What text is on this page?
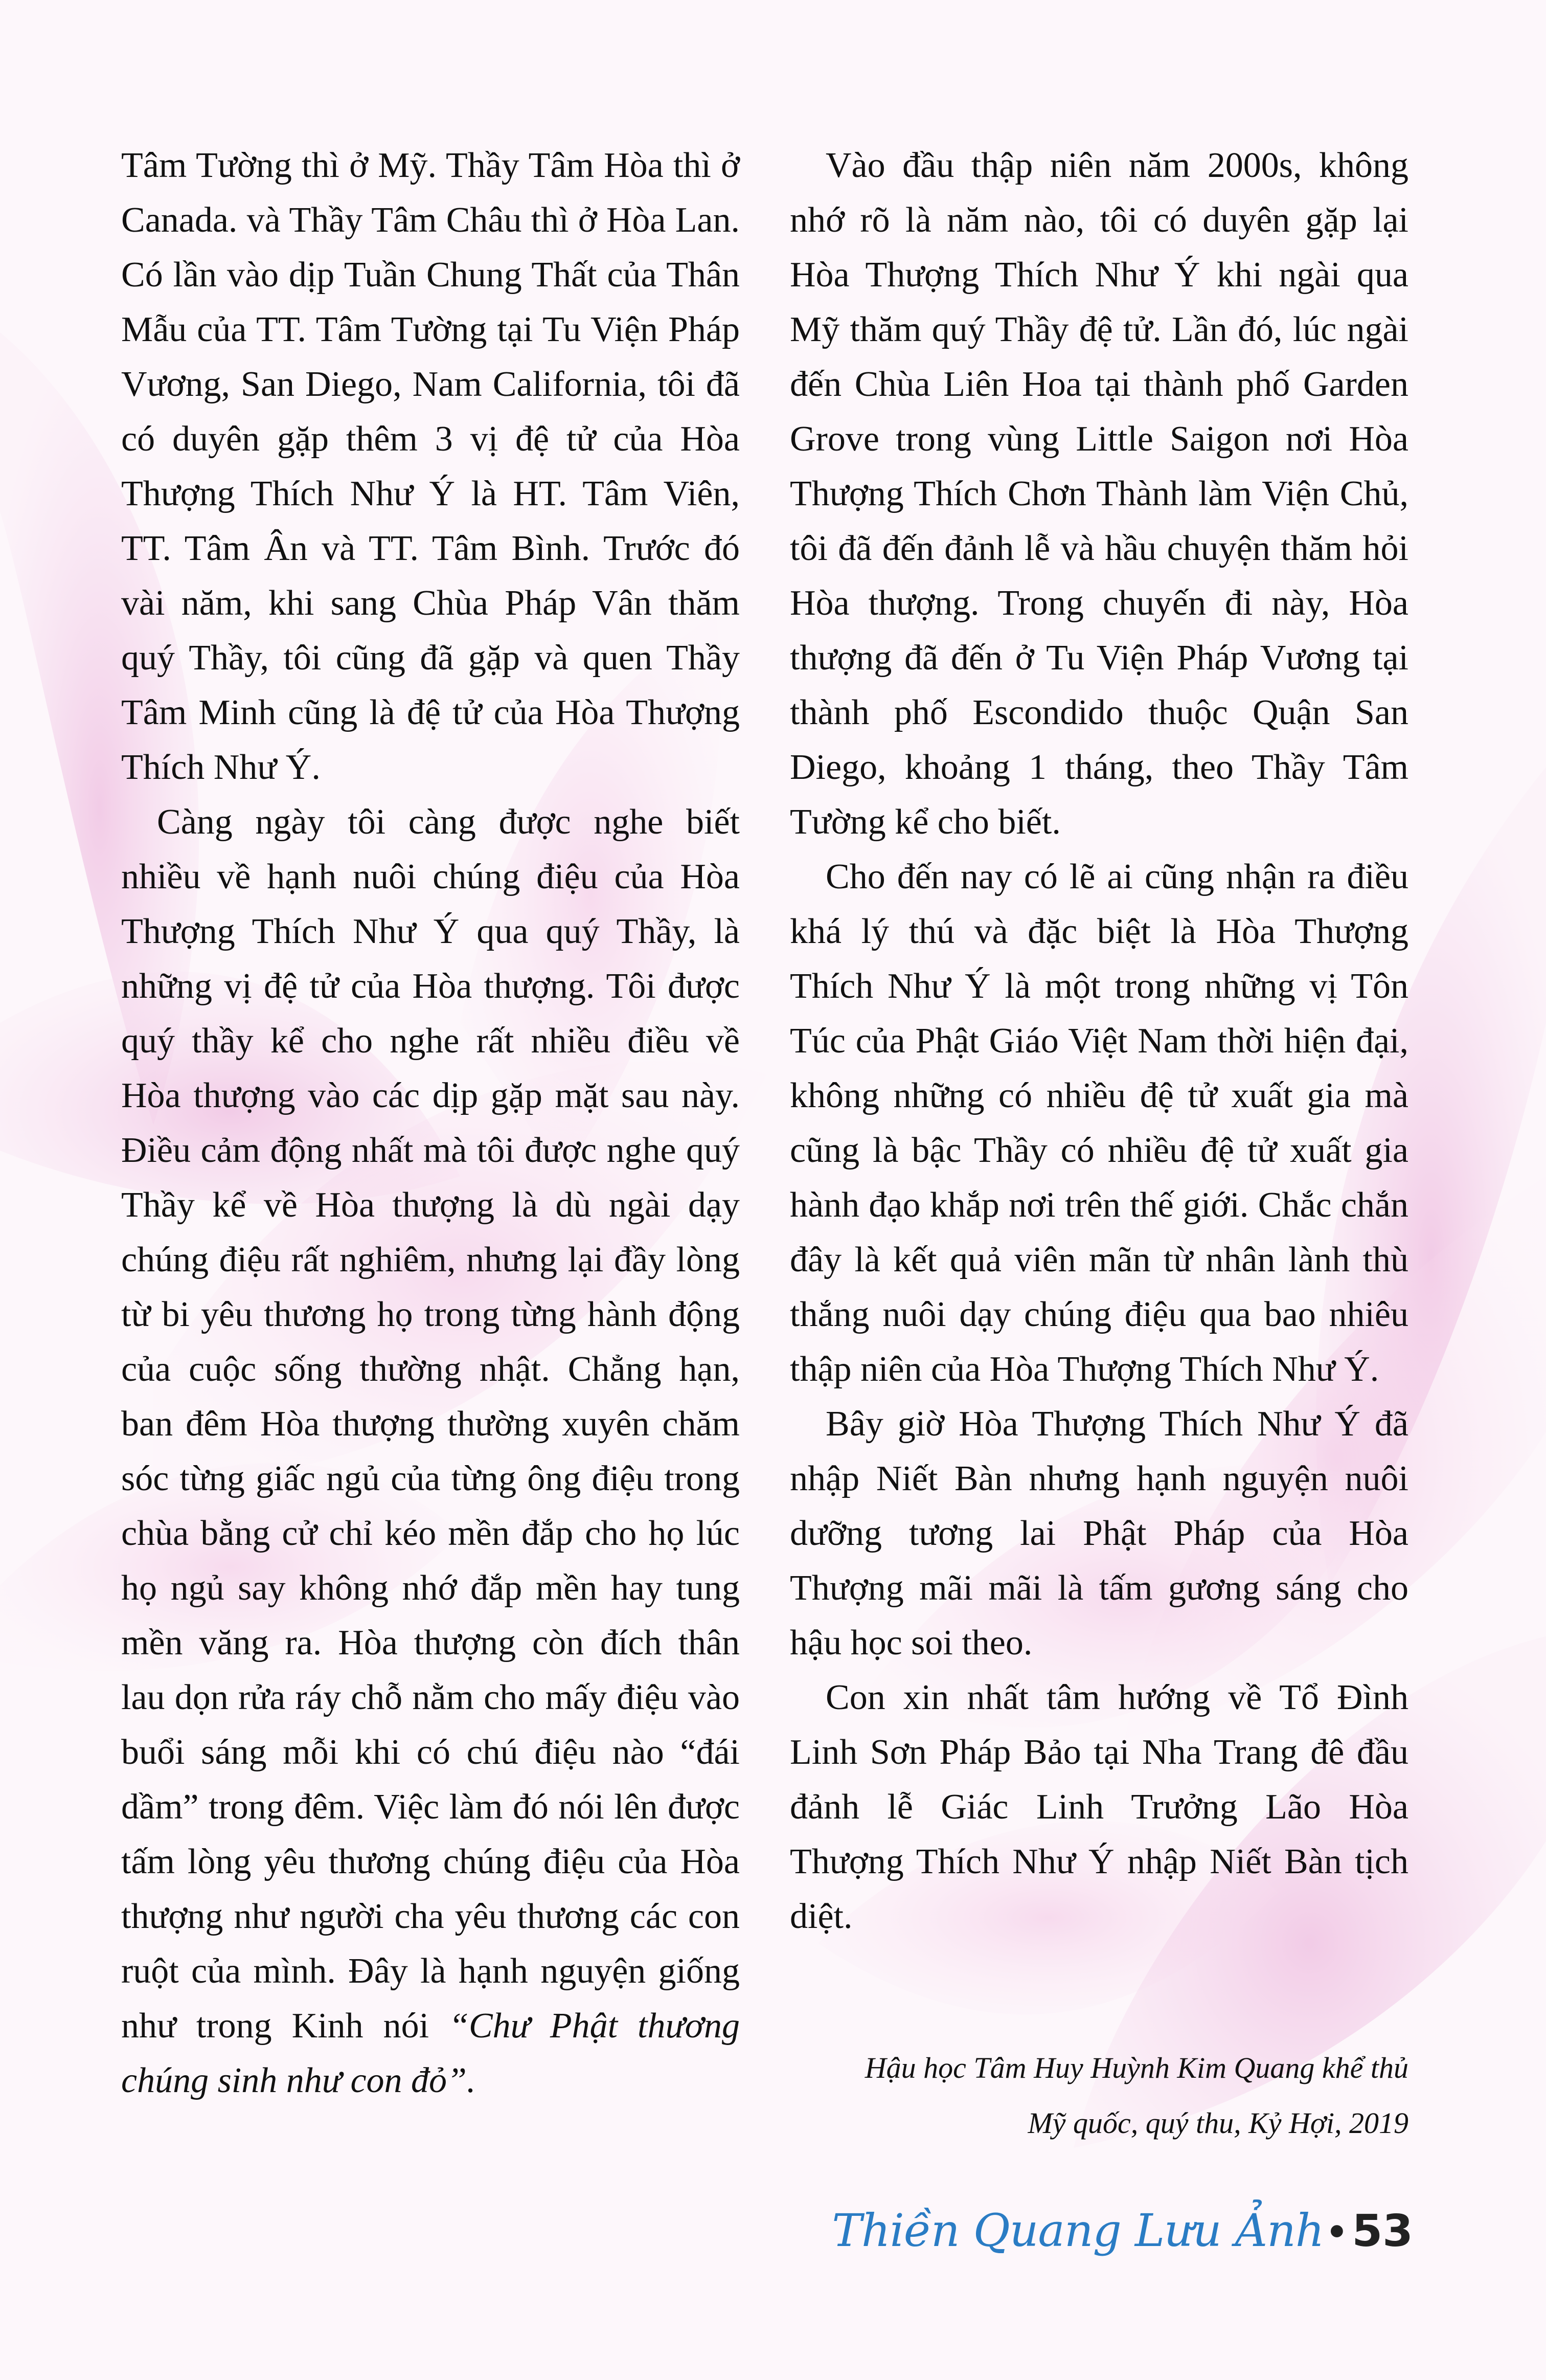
Tâm Tường thì ở Mỹ. Thầy Tâm Hòa thì ở Canada. và Thầy Tâm Châu thì ở Hòa Lan. Có lần vào dịp Tuần Chung Thất của Thân Mẫu của TT. Tâm Tường tại Tu Viện Pháp Vương, San Diego, Nam California, tôi đã có duyên gặp thêm 3 vị đệ tử của Hòa Thượng Thích Như Ý là HT. Tâm Viên, TT. Tâm Ân và TT. Tâm Bình. Trước đó vài năm, khi sang Chùa Pháp Vân thăm quý Thầy, tôi cũng đã gặp và quen Thầy Tâm Minh cũng là đệ tử của Hòa Thượng Thích Như Ý.

Càng ngày tôi càng được nghe biết nhiều về hạnh nuôi chúng điệu của Hòa Thượng Thích Như Ý qua quý Thầy, là những vị đệ tử của Hòa thượng. Tôi được quý thầy kể cho nghe rất nhiều điều về Hòa thượng vào các dịp gặp mặt sau này. Điều cảm động nhất mà tôi được nghe quý Thầy kể về Hòa thượng là dù ngài dạy chúng điệu rất nghiêm, nhưng lại đầy lòng từ bi yêu thương họ trong từng hành động của cuộc sống thường nhật. Chẳng hạn, ban đêm Hòa thượng thường xuyên chăm sóc từng giấc ngủ của từng ông điệu trong chùa bằng cử chỉ kéo mền đắp cho họ lúc họ ngủ say không nhớ đắp mền hay tung mền văng ra. Hòa thượng còn đích thân lau dọn rửa ráy chỗ nằm cho mấy điệu vào buổi sáng mỗi khi có chú điệu nào “đái dầm” trong đêm. Việc làm đó nói lên được tấm lòng yêu thương chúng điệu của Hòa thượng như người cha yêu thương các con ruột của mình. Đây là hạnh nguyện giống như trong Kinh nói “Chư Phật thương chúng sinh như con đỏ”.

Vào đầu thập niên năm 2000s, không nhớ rõ là năm nào, tôi có duyên gặp lại Hòa Thượng Thích Như Ý khi ngài qua Mỹ thăm quý Thầy đệ tử. Lần đó, lúc ngài đến Chùa Liên Hoa tại thành phố Garden Grove trong vùng Little Saigon nơi Hòa Thượng Thích Chơn Thành làm Viện Chủ, tôi đã đến đảnh lễ và hầu chuyện thăm hỏi Hòa thượng. Trong chuyến đi này, Hòa thượng đã đến ở Tu Viện Pháp Vương tại thành phố Escondido thuộc Quận San Diego, khoảng 1 tháng, theo Thầy Tâm Tường kể cho biết.

Cho đến nay có lẽ ai cũng nhận ra điều khá lý thú và đặc biệt là Hòa Thượng Thích Như Ý là một trong những vị Tôn Túc của Phật Giáo Việt Nam thời hiện đại, không những có nhiều đệ tử xuất gia mà cũng là bậc Thầy có nhiều đệ tử xuất gia hành đạo khắp nơi trên thế giới. Chắc chắn đây là kết quả viên mãn từ nhân lành thù thắng nuôi dạy chúng điệu qua bao nhiêu thập niên của Hòa Thượng Thích Như Ý.

Bây giờ Hòa Thượng Thích Như Ý đã nhập Niết Bàn nhưng hạnh nguyện nuôi dưỡng tương lai Phật Pháp của Hòa Thượng mãi mãi là tấm gương sáng cho hậu học soi theo.

Con xin nhất tâm hướng về Tổ Đình Linh Sơn Pháp Bảo tại Nha Trang đê đầu đảnh lễ Giác Linh Trưởng Lão Hòa Thượng Thích Như Ý nhập Niết Bàn tịch diệt.

Hậu học Tâm Huy Huỳnh Kim Quang khể thủ
Mỹ quốc, quý thu, Kỷ Hợi, 2019
Thiền Quang Lưu Ảnh • 53
